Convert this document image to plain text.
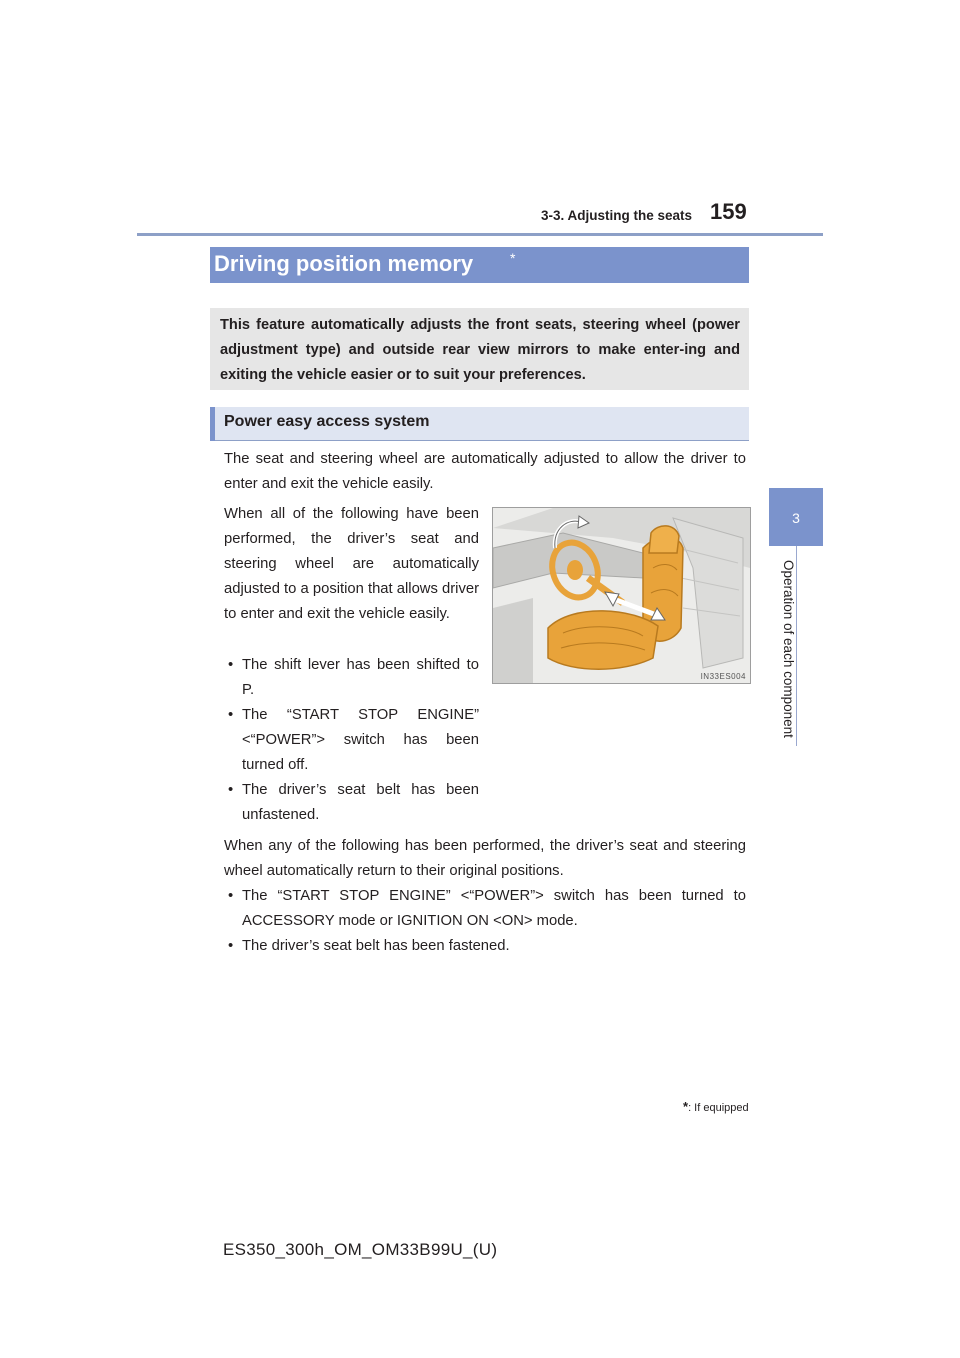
3-3. Adjusting the seats 159
3
Operation of each component
Driving position memory	*
This feature automatically adjusts the front seats, steering wheel (power adjustment type) and outside rear view mirrors to make enter-ing and exiting the vehicle easier or to suit your preferences.
Power easy access system
The seat and steering wheel are automatically adjusted to allow the driver to enter and exit the vehicle easily.
When all of the following have been performed, the driver’s seat and steering wheel are automatically adjusted to a position that allows driver to enter and exit the vehicle easily.
• The shift lever has been shifted to P.
• The “START STOP ENGINE” <“POWER”> switch has been turned off.
• The driver’s seat belt has been unfastened.
When any of the following has been performed, the driver’s seat and steering wheel automatically return to their original positions.
• The “START STOP ENGINE” <“POWER”> switch has been turned to ACCESSORY mode or IGNITION ON <ON> mode.
• The driver’s seat belt has been fastened.
IN33ES004
*: If equipped
ES350_300h_OM_OM33B99U_(U)
